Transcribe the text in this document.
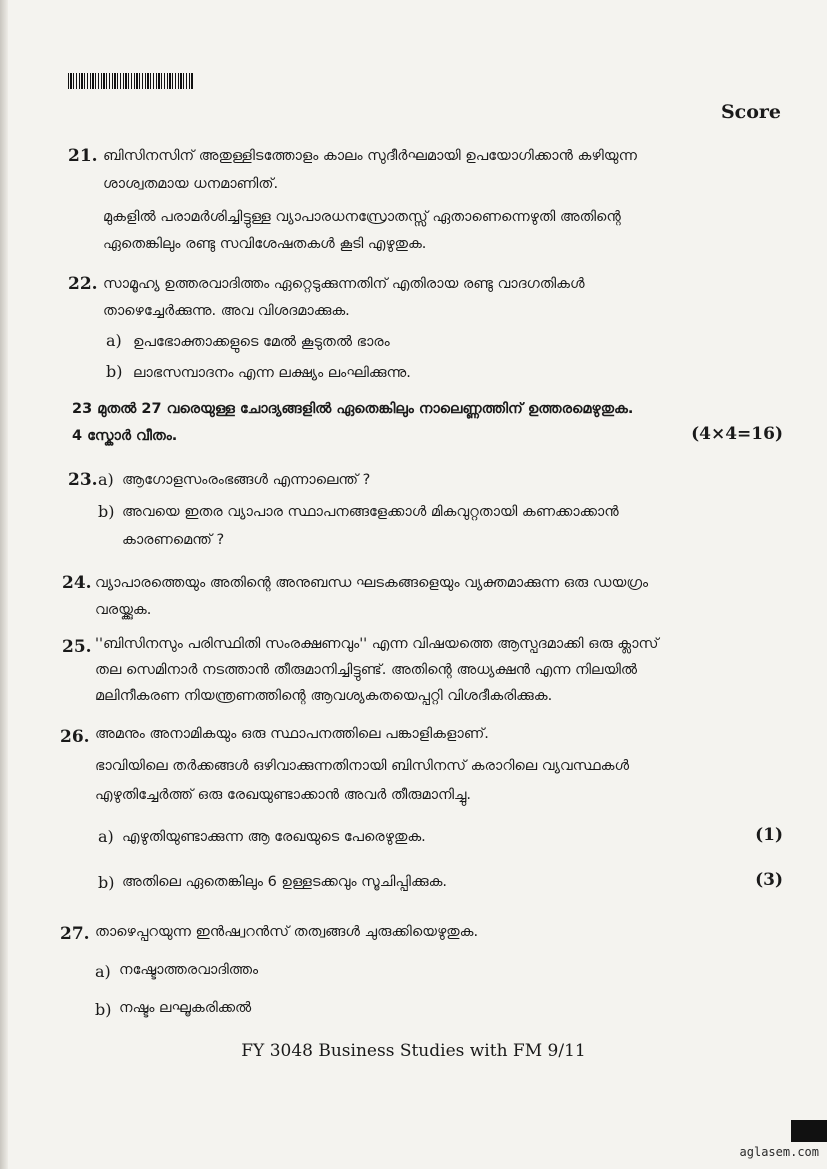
Score
21. ബിസിനസിന് അതുള്ളിടത്തോളം കാലം സുദീർഘമായി ഉപയോഗിക്കാൻ കഴിയുന്ന
ശാശ്വതമായ ധനമാണിത്.
മുകളിൽ പരാമർശിച്ചിട്ടുള്ള വ്യാപാരധനസ്രോതസ്സ് ഏതാണെന്നെഴുതി അതിന്റെ
ഏതെങ്കിലും രണ്ടു സവിശേഷതകൾ കൂടി എഴുതുക.
22. സാമൂഹ്യ ഉത്തരവാദിത്തം ഏറ്റെടുക്കുന്നതിന് എതിരായ രണ്ടു വാദഗതികൾ
താഴെച്ചേർക്കുന്നു. അവ വിശദമാക്കുക.
a) ഉപഭോക്താക്കളുടെ മേൽ കൂടുതൽ ഭാരം
b) ലാഭസമ്പാദനം എന്ന ലക്ഷ്യം ലംഘിക്കുന്നു.
23 മുതൽ 27 വരെയുള്ള ചോദ്യങ്ങളിൽ ഏതെങ്കിലും നാലെണ്ണത്തിന് ഉത്തരമെഴുതുക.
4 സ്കോർ വീതം.	(4×4=16)
23. a) ആഗോളസംരംഭങ്ങൾ എന്നാലെന്ത് ?
b) അവയെ ഇതര വ്യാപാര സ്ഥാപനങ്ങളേക്കാൾ മികവുറ്റതായി കണക്കാക്കാൻ
കാരണമെന്ത് ?
24. വ്യാപാരത്തെയും അതിന്റെ അനുബന്ധ ഘടകങ്ങളെയും വ്യക്തമാക്കുന്ന ഒരു ഡയഗ്രം
വരയ്ക്കുക.
25. ''ബിസിനസും പരിസ്ഥിതി സംരക്ഷണവും'' എന്ന വിഷയത്തെ ആസ്പദമാക്കി ഒരു ക്ലാസ്
തല സെമിനാർ നടത്താൻ തീരുമാനിച്ചിട്ടുണ്ട്. അതിന്റെ അധ്യക്ഷൻ എന്ന നിലയിൽ
മലിനീകരണ നിയന്ത്രണത്തിന്റെ ആവശ്യകതയെപ്പറ്റി വിശദീകരിക്കുക.
26. അമനും അനാമികയും ഒരു സ്ഥാപനത്തിലെ പങ്കാളികളാണ്.
ഭാവിയിലെ തർക്കങ്ങൾ ഒഴിവാക്കുന്നതിനായി ബിസിനസ് കരാറിലെ വ്യവസ്ഥകൾ
എഴുതിച്ചേർത്ത് ഒരു രേഖയുണ്ടാക്കാൻ അവർ തീരുമാനിച്ചു.
a) എഴുതിയുണ്ടാക്കുന്ന ആ രേഖയുടെ പേരെഴുതുക.	(1)
b) അതിലെ ഏതെങ്കിലും 6 ഉള്ളടക്കവും സൂചിപ്പിക്കുക.	(3)
27. താഴെപ്പറയുന്ന ഇൻഷ്വറൻസ് തത്വങ്ങൾ ചുരുക്കിയെഴുതുക.
a) നഷ്ടോത്തരവാദിത്തം
b) നഷ്ടം ലഘൂകരിക്കൽ
FY 3048 Business Studies with FM 9/11
aglasem.com
